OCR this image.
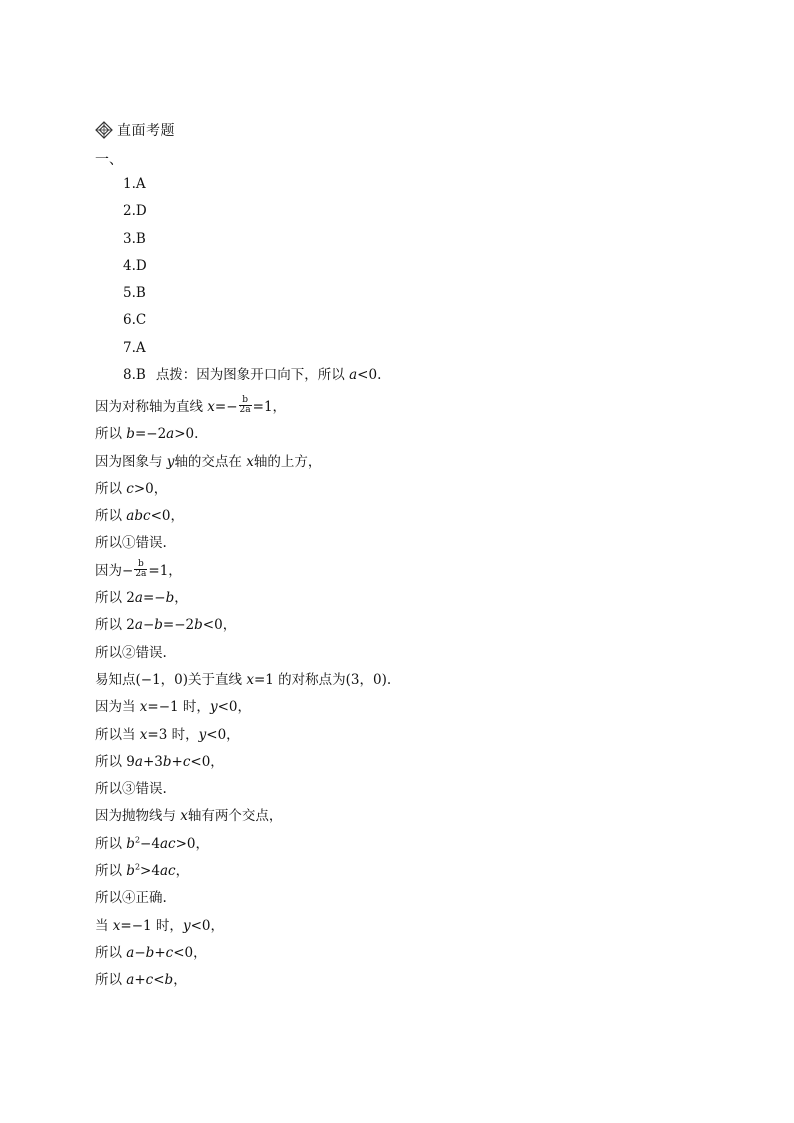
直面考题
一、
1.A
2.D
3.B
4.D
5.B
6.C
7.A
8.B 点拨：因为图象开口向下，所以 a<0.
因为对称轴为直线 $x=- \frac{b}{2a} =1$，
所以 b=−2a>0.
因为图象与 y轴的交点在 x轴的上方，
所以 c>0，
所以 abc<0，
所以①错误.
因为− $\frac{b}{2a} =1$，
所以 2a=−b，
所以 2a−b=−2b<0，
所以②错误.
易知点(−1，0)关于直线 x=1 的对称点为(3，0).
因为当 x=−1 时，y<0，
所以当 x=3 时，y<0，
所以 9a+3b+c<0，
所以③错误.
因为抛物线与 x轴有两个交点，
所以 $b^2-4ac>0$，
所以 $b^2>4ac$，
所以④正确.
当 x=−1 时，y<0，
所以 a−b+c<0，
所以 a+c<b，
